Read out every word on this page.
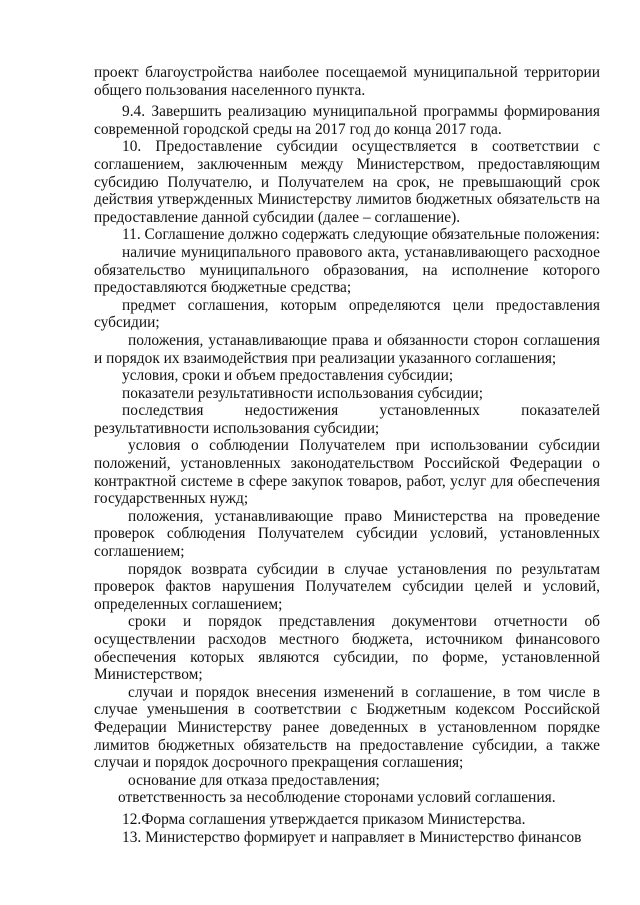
проект благоустройства наиболее посещаемой муниципальной территории общего пользования населенного пункта.

9.4. Завершить реализацию муниципальной программы формирования современной городской среды на 2017 год до конца 2017 года.

10. Предоставление субсидии осуществляется в соответствии с соглашением, заключенным между Министерством, предоставляющим субсидию Получателю, и Получателем на срок, не превышающий срок действия утвержденных Министерству лимитов бюджетных обязательств на предоставление данной субсидии (далее – соглашение).

11. Соглашение должно содержать следующие обязательные положения:

наличие муниципального правового акта, устанавливающего расходное обязательство муниципального образования, на исполнение которого предоставляются бюджетные средства;

предмет соглашения, которым определяются цели предоставления субсидии;

положения, устанавливающие права и обязанности сторон соглашения и порядок их взаимодействия при реализации указанного соглашения;

условия, сроки и объем предоставления субсидии;

показатели результативности использования субсидии;

последствия недостижения установленных показателей результативности использования субсидии;

условия о соблюдении Получателем при использовании субсидии положений, установленных законодательством Российской Федерации о контрактной системе в сфере закупок товаров, работ, услуг для обеспечения государственных нужд;

положения, устанавливающие право Министерства на проведение проверок соблюдения Получателем субсидии условий, установленных соглашением;

порядок возврата субсидии в случае установления по результатам проверок фактов нарушения Получателем субсидии целей и условий, определенных соглашением;

сроки и порядок представления документови отчетности об осуществлении расходов местного бюджета, источником финансового обеспечения которых являются субсидии, по форме, установленной Министерством;

случаи и порядок внесения изменений в соглашение, в том числе в случае уменьшения в соответствии с Бюджетным кодексом Российской Федерации Министерству ранее доведенных в установленном порядке лимитов бюджетных обязательств на предоставление субсидии, а также случаи и порядок досрочного прекращения соглашения;

основание для отказа предоставления;

ответственность за несоблюдение сторонами условий соглашения.

12.Форма соглашения утверждается приказом Министерства.

13. Министерство формирует и направляет в Министерство финансов
